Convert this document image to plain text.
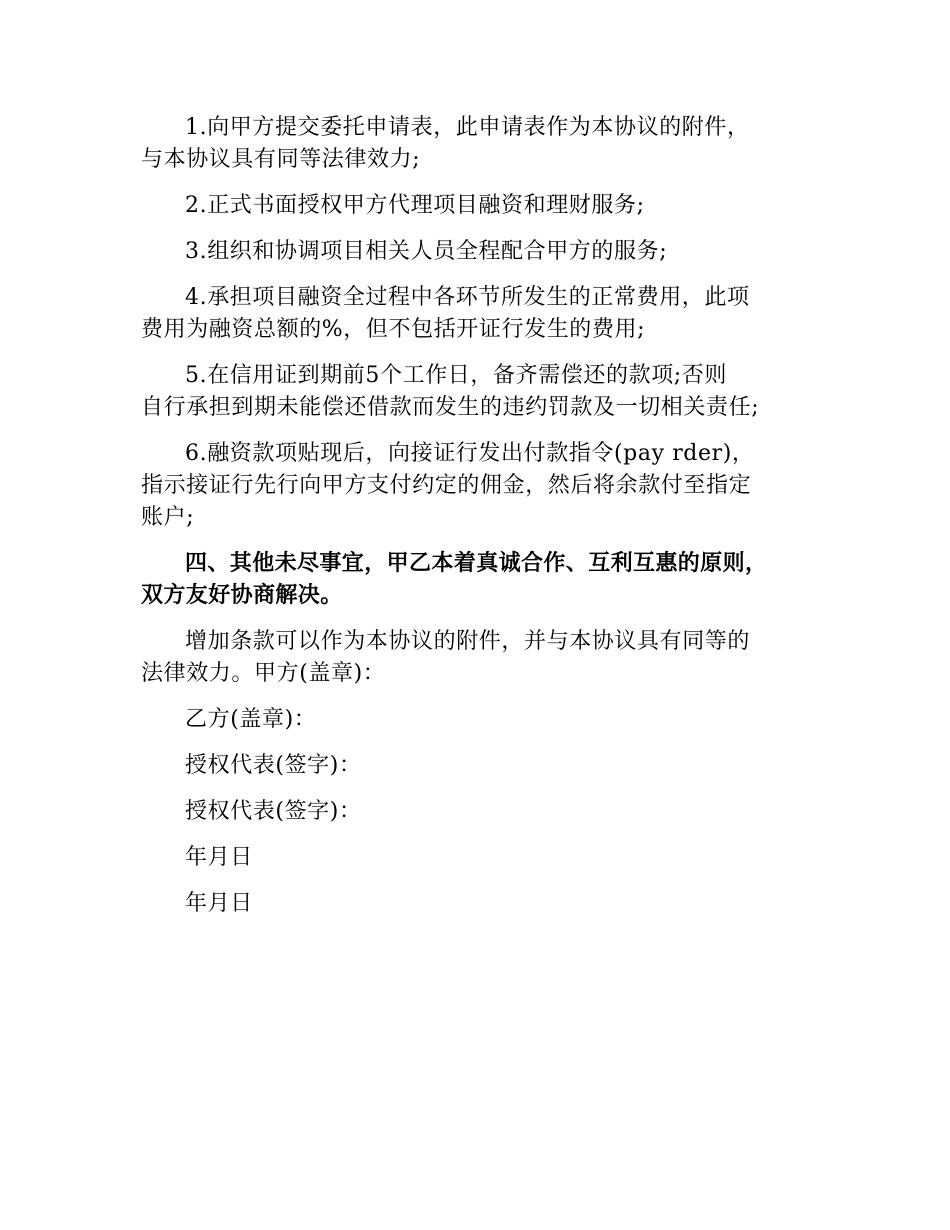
1.向甲方提交委托申请表，此申请表作为本协议的附件，
与本协议具有同等法律效力;
2.正式书面授权甲方代理项目融资和理财服务;
3.组织和协调项目相关人员全程配合甲方的服务;
4.承担项目融资全过程中各环节所发生的正常费用，此项
费用为融资总额的%，但不包括开证行发生的费用;
5.在信用证到期前5个工作日，备齐需偿还的款项;否则
自行承担到期未能偿还借款而发生的违约罚款及一切相关责任;
6.融资款项贴现后，向接证行发出付款指令(pay rder)，
指示接证行先行向甲方支付约定的佣金，然后将余款付至指定
账户;
四、其他未尽事宜，甲乙本着真诚合作、互利互惠的原则，
双方友好协商解决。
增加条款可以作为本协议的附件，并与本协议具有同等的
法律效力。甲方(盖章)：
乙方(盖章)：
授权代表(签字)：
授权代表(签字)：
年月日
年月日
